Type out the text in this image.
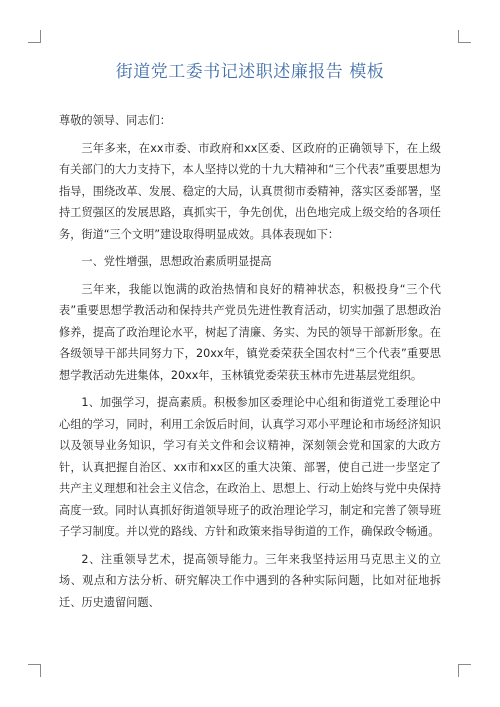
街道党工委书记述职述廉报告 模板

尊敬的领导、同志们：

三年多来，在xx市委、市政府和xx区委、区政府的正确领导下，在上级有关部门的大力支持下，本人坚持以党的十九大精神和“三个代表”重要思想为指导，围绕改革、发展、稳定的大局，认真贯彻市委精神，落实区委部署，坚持工贸强区的发展思路，真抓实干，争先创优，出色地完成上级交给的各项任务，街道“三个文明”建设取得明显成效。具体表现如下：

一、党性增强，思想政治素质明显提高

三年来，我能以饱满的政治热情和良好的精神状态，积极投身“三个代表”重要思想学教活动和保持共产党员先进性教育活动，切实加强了思想政治修养，提高了政治理论水平，树起了清廉、务实、为民的领导干部新形象。在各级领导干部共同努力下，20xx年，镇党委荣获全国农村“三个代表”重要思想学教活动先进集体，20xx年，玉林镇党委荣获玉林市先进基层党组织。

1、加强学习，提高素质。积极参加区委理论中心组和街道党工委理论中心组的学习，同时，利用工余饭后时间，认真学习邓小平理论和市场经济知识以及领导业务知识，学习有关文件和会议精神，深刻领会党和国家的大政方针，认真把握自治区、xx市和xx区的重大决策、部署，使自己进一步坚定了共产主义理想和社会主义信念，在政治上、思想上、行动上始终与党中央保持高度一致。同时认真抓好街道领导班子的政治理论学习，制定和完善了领导班子学习制度。并以党的路线、方针和政策来指导街道的工作，确保政令畅通。

2、注重领导艺术，提高领导能力。三年来我坚持运用马克思主义的立场、观点和方法分析、研究解决工作中遇到的各种实际问题，比如对征地拆迁、历史遗留问题、
